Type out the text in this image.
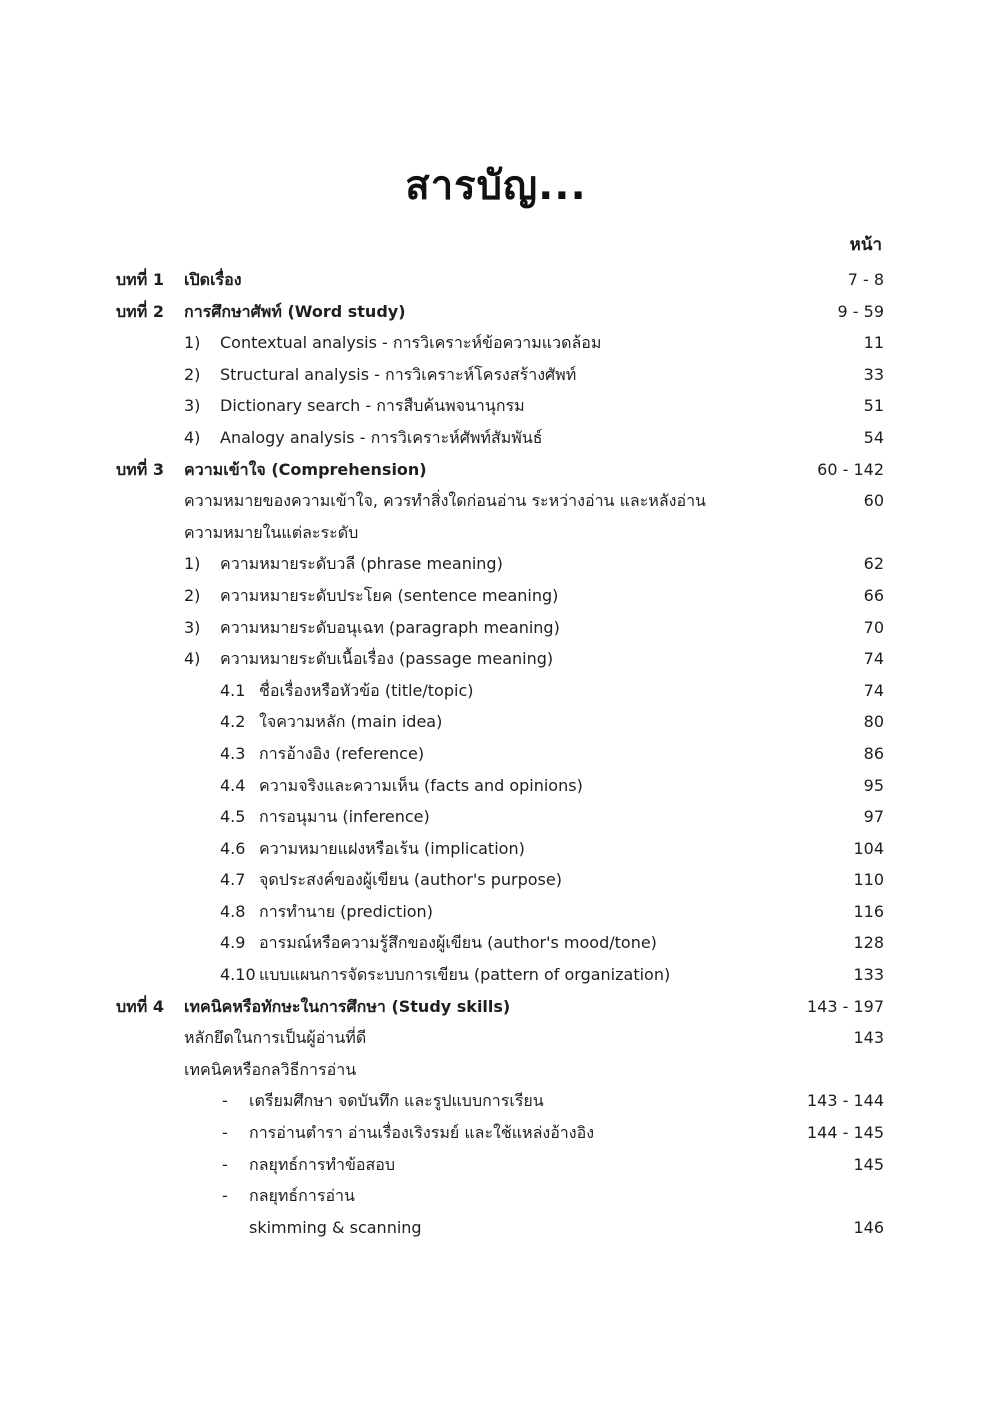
สารบัญ...
หน้า
บทที่ 1 เปิดเรื่อง	7 - 8
บทที่ 2 การศึกษาศัพท์ (Word study)	9 - 59
1) Contextual analysis - การวิเคราะห์ข้อความแวดล้อม	11
2) Structural analysis - การวิเคราะห์โครงสร้างศัพท์	33
3) Dictionary search - การสืบค้นพจนานุกรม	51
4) Analogy analysis - การวิเคราะห์ศัพท์สัมพันธ์	54
บทที่ 3 ความเข้าใจ (Comprehension)	60 - 142
ความหมายของความเข้าใจ, ควรทำสิ่งใดก่อนอ่าน ระหว่างอ่าน และหลังอ่าน	60
ความหมายในแต่ละระดับ
1) ความหมายระดับวลี (phrase meaning)	62
2) ความหมายระดับประโยค (sentence meaning)	66
3) ความหมายระดับอนุเฉท (paragraph meaning)	70
4) ความหมายระดับเนื้อเรื่อง (passage meaning)	74
4.1 ชื่อเรื่องหรือหัวข้อ (title/topic)	74
4.2 ใจความหลัก (main idea)	80
4.3 การอ้างอิง (reference)	86
4.4 ความจริงและความเห็น (facts and opinions)	95
4.5 การอนุมาน (inference)	97
4.6 ความหมายแฝงหรือเร้น (implication)	104
4.7 จุดประสงค์ของผู้เขียน (author's purpose)	110
4.8 การทำนาย (prediction)	116
4.9 อารมณ์หรือความรู้สึกของผู้เขียน (author's mood/tone)	128
4.10 แบบแผนการจัดระบบการเขียน (pattern of organization)	133
บทที่ 4 เทคนิคหรือทักษะในการศึกษา (Study skills)	143 - 197
หลักยึดในการเป็นผู้อ่านที่ดี	143
เทคนิคหรือกลวิธีการอ่าน
- เตรียมศึกษา จดบันทึก และรูปแบบการเรียน	143 - 144
- การอ่านตำรา อ่านเรื่องเริงรมย์ และใช้แหล่งอ้างอิง	144 - 145
- กลยุทธ์การทำข้อสอบ	145
- กลยุทธ์การอ่าน
skimming & scanning	146
